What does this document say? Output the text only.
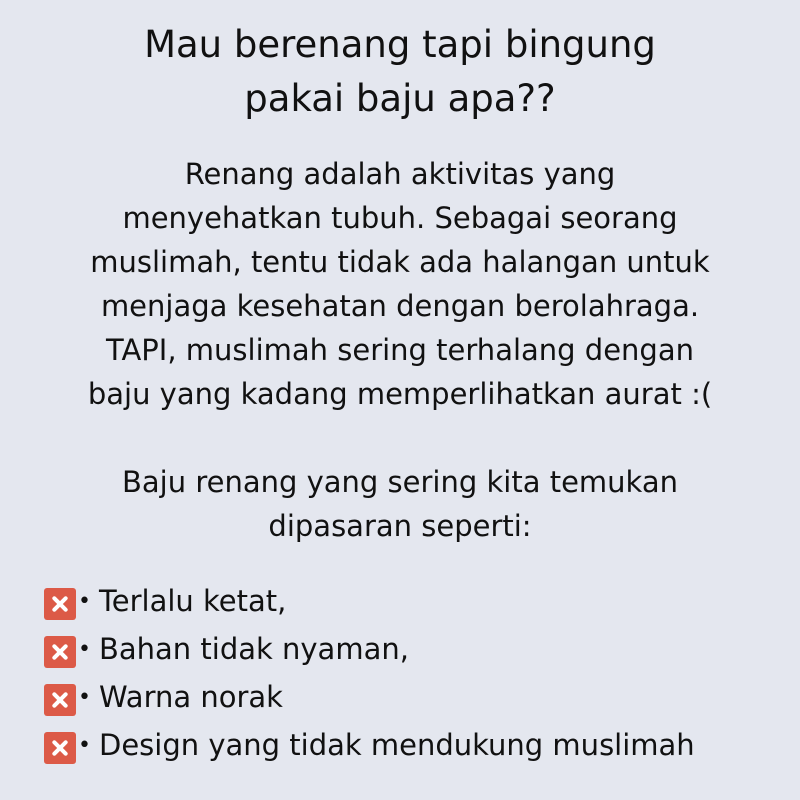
Mau berenang tapi bingung
pakai baju apa??
Renang adalah aktivitas yang
menyehatkan tubuh. Sebagai seorang
muslimah, tentu tidak ada halangan untuk
menjaga kesehatan dengan berolahraga.
TAPI, muslimah sering terhalang dengan
baju yang kadang memperlihatkan aurat :(
Baju renang yang sering kita temukan
dipasaran seperti:
• Terlalu ketat,
• Bahan tidak nyaman,
• Warna norak
• Design yang tidak mendukung muslimah
